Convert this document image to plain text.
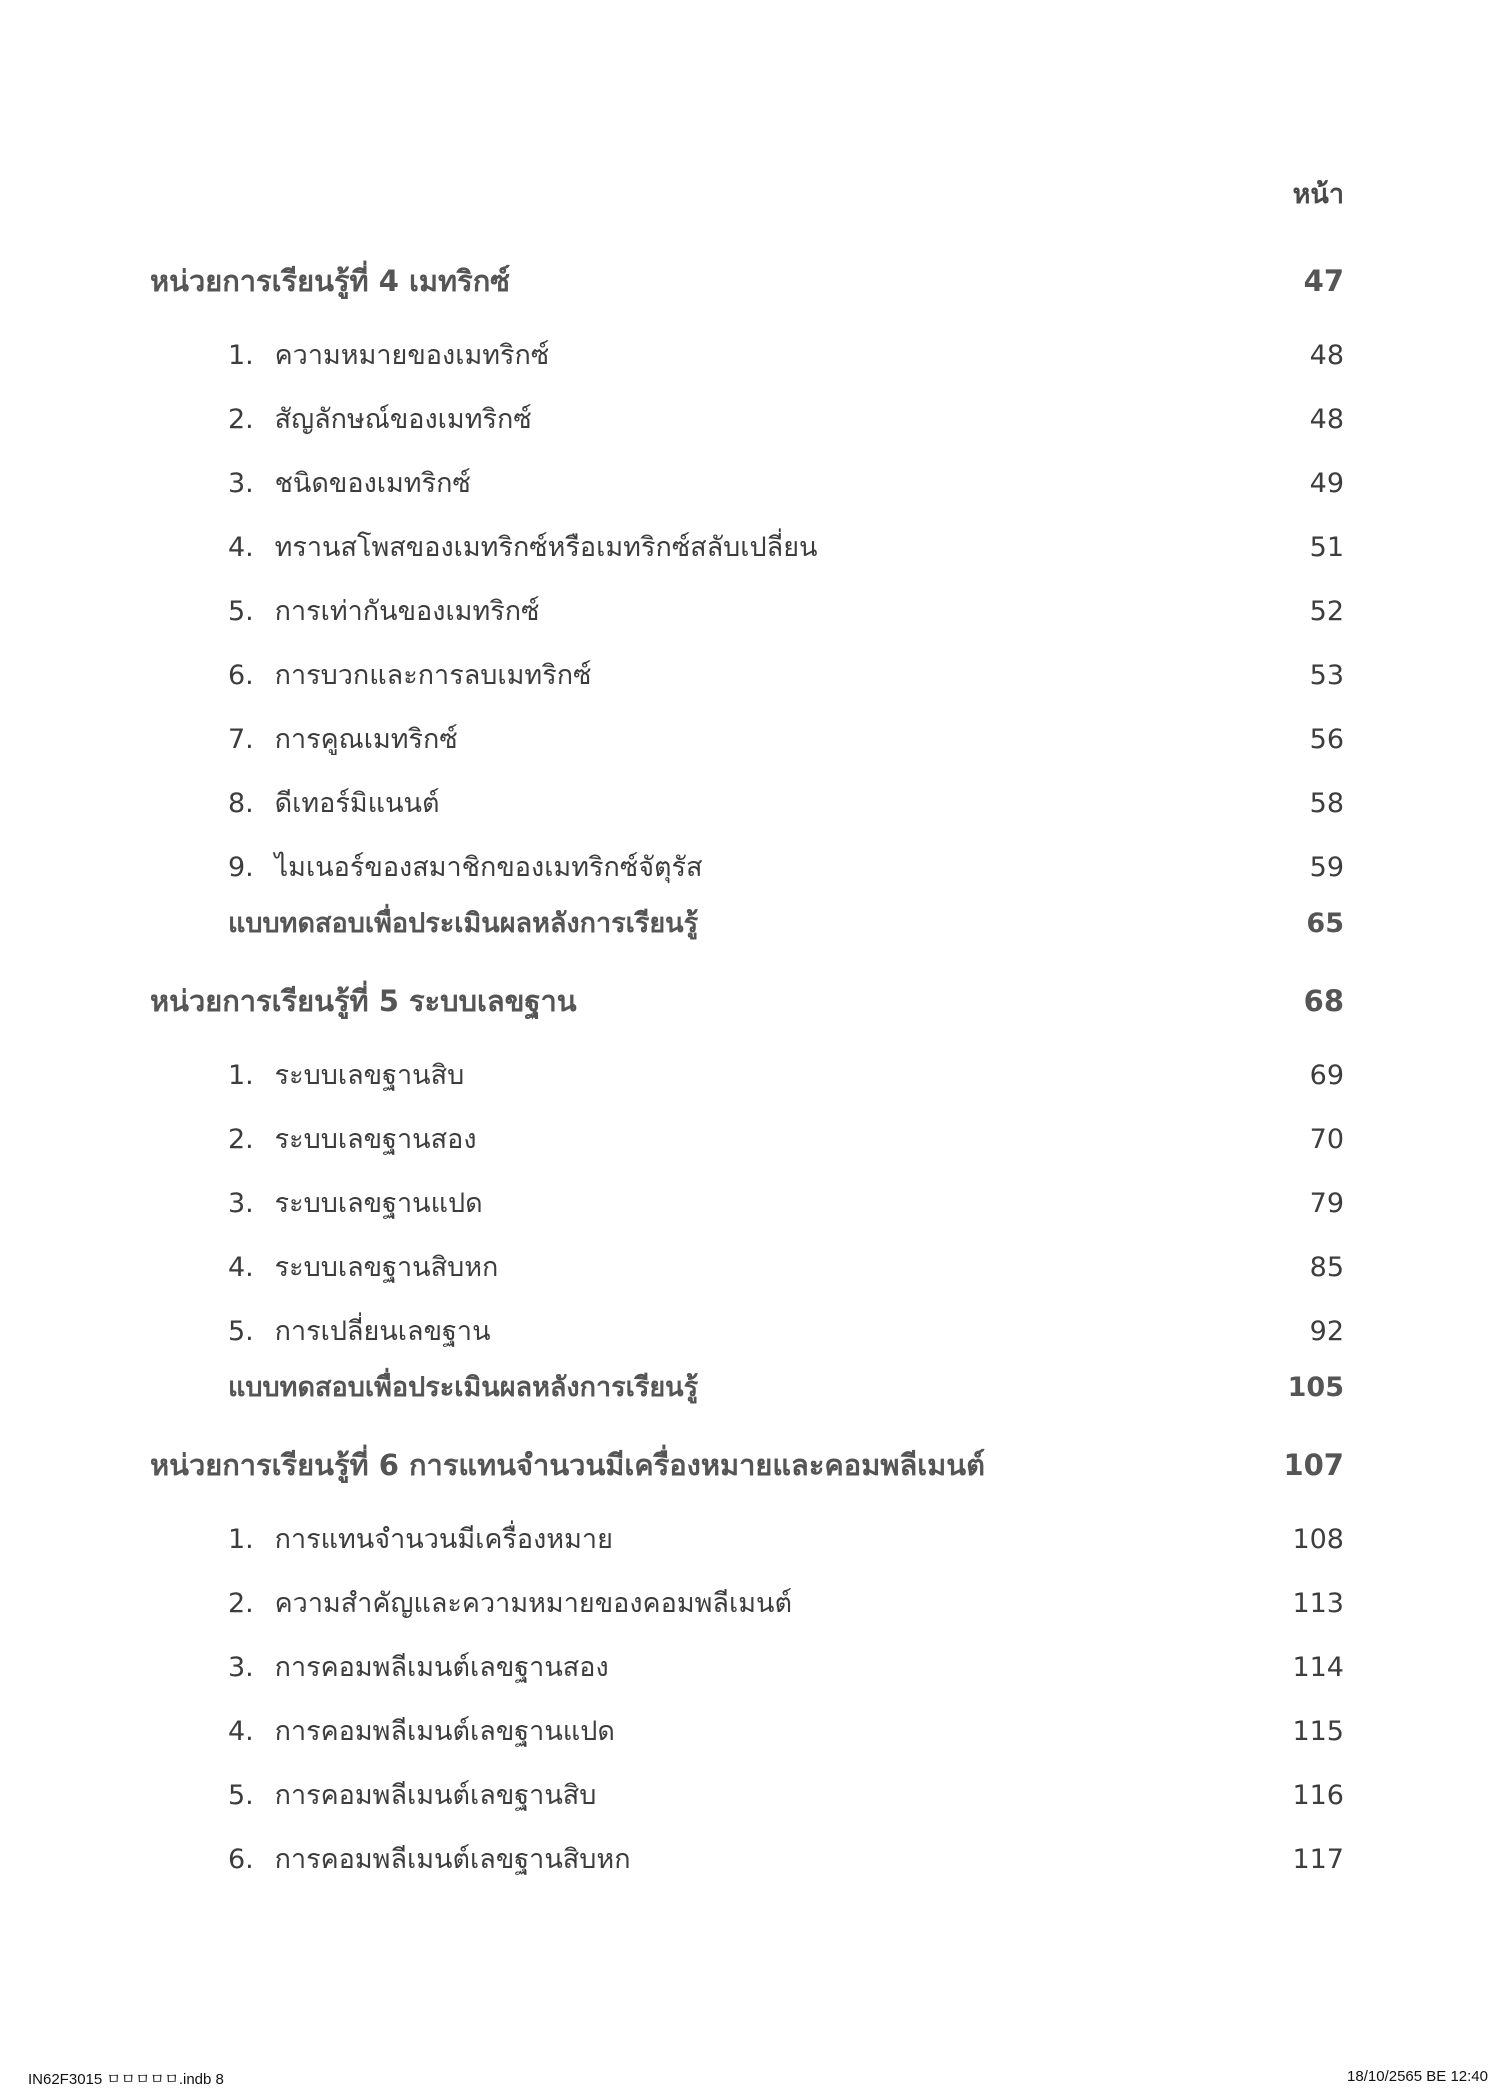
หน้า
หน่วยการเรียนรู้ที่ 4 เมทริกซ์	47
1. ความหมายของเมทริกซ์	48
2. สัญลักษณ์ของเมทริกซ์	48
3. ชนิดของเมทริกซ์	49
4. ทรานสโพสของเมทริกซ์หรือเมทริกซ์สลับเปลี่ยน	51
5. การเท่ากันของเมทริกซ์	52
6. การบวกและการลบเมทริกซ์	53
7. การคูณเมทริกซ์	56
8. ดีเทอร์มิแนนต์	58
9. ไมเนอร์ของสมาชิกของเมทริกซ์จัตุรัส	59
แบบทดสอบเพื่อประเมินผลหลังการเรียนรู้	65
หน่วยการเรียนรู้ที่ 5 ระบบเลขฐาน	68
1. ระบบเลขฐานสิบ	69
2. ระบบเลขฐานสอง	70
3. ระบบเลขฐานแปด	79
4. ระบบเลขฐานสิบหก	85
5. การเปลี่ยนเลขฐาน	92
แบบทดสอบเพื่อประเมินผลหลังการเรียนรู้	105
หน่วยการเรียนรู้ที่ 6 การแทนจำนวนมีเครื่องหมายและคอมพลีเมนต์	107
1. การแทนจำนวนมีเครื่องหมาย	108
2. ความสำคัญและความหมายของคอมพลีเมนต์	113
3. การคอมพลีเมนต์เลขฐานสอง	114
4. การคอมพลีเมนต์เลขฐานแปด	115
5. การคอมพลีเมนต์เลขฐานสิบ	116
6. การคอมพลีเมนต์เลขฐานสิบหก	117
IN62F3015 ㅁㅁㅁㅁㅁ.indb 8	18/10/2565 BE 12:40
